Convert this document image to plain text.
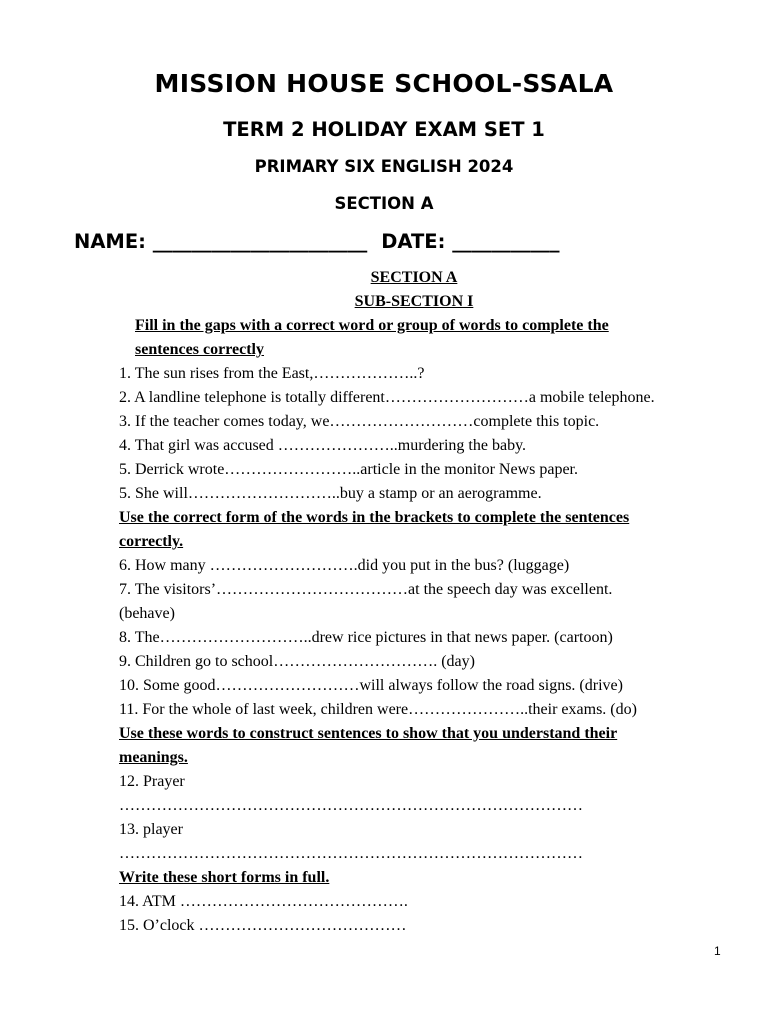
MISSION HOUSE SCHOOL-SSALA
TERM 2 HOLIDAY EXAM SET 1
PRIMARY SIX ENGLISH 2024
SECTION A
NAME: ______________________ DATE: ___________
SECTION A
SUB-SECTION I
Fill in the gaps with a correct word or group of words to complete the
sentences correctly
1. The sun rises from the East,………………..?
2. A landline telephone is totally different………………………a mobile telephone.
3. If the teacher comes today, we………………………complete this topic.
4. That girl was accused …………………..murdering the baby.
5. Derrick wrote……………………..article in the monitor News paper.
5. She will………………………..buy a stamp or an aerogramme.
Use the correct form of the words in the brackets to complete the sentences
correctly.
6. How many ……………………….did you put in the bus? (luggage)
7. The visitors’………………………………at the speech day was excellent.
(behave)
8. The………………………..drew rice pictures in that news paper. (cartoon)
9. Children go to school…………………………. (day)
10. Some good………………………will always follow the road signs. (drive)
11. For the whole of last week, children were…………………..their exams. (do)
Use these words to construct sentences to show that you understand their
meanings.
12. Prayer
……………………………………………………………………………
13. player
……………………………………………………………………………
Write these short forms in full.
14. ATM …………………………………….
15. O’clock …………………………………
1
